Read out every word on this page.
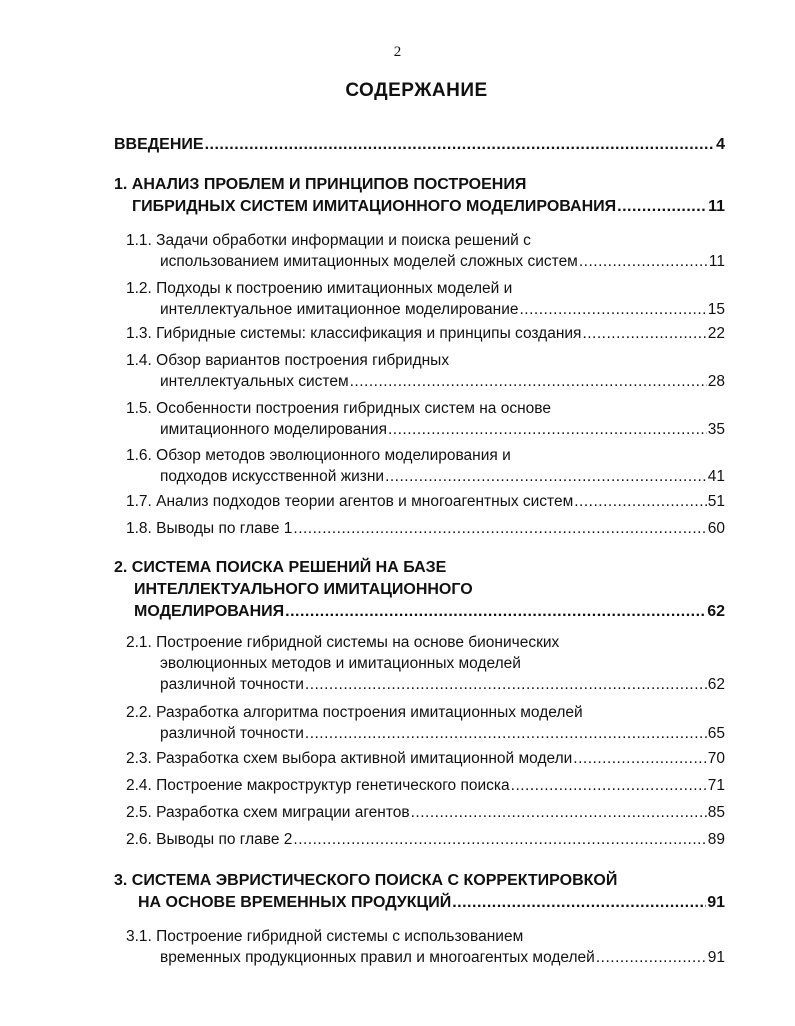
2
СОДЕРЖАНИЕ
ВВЕДЕНИЕ .....	4
1. АНАЛИЗ ПРОБЛЕМ И ПРИНЦИПОВ ПОСТРОЕНИЯ
ГИБРИДНЫХ СИСТЕМ ИМИТАЦИОННОГО МОДЕЛИРОВАНИЯ .....	11
1.1. Задачи обработки информации и поиска решений с
использованием имитационных моделей сложных систем .....	11
1.2. Подходы к построению имитационных моделей и
интеллектуальное имитационное моделирование .....	15
1.3. Гибридные системы: классификация и принципы создания .....	22
1.4. Обзор вариантов построения гибридных
интеллектуальных систем .....	28
1.5. Особенности построения гибридных систем на основе
имитационного моделирования .....	35
1.6. Обзор методов эволюционного моделирования и
подходов искусственной жизни .....	41
1.7. Анализ подходов теории агентов и многоагентных систем .....	51
1.8. Выводы по главе 1 .....	60
2. СИСТЕМА ПОИСКА РЕШЕНИЙ НА БАЗЕ
ИНТЕЛЛЕКТУАЛЬНОГО ИМИТАЦИОННОГО
МОДЕЛИРОВАНИЯ .....	62
2.1. Построение гибридной системы на основе бионических
эволюционных методов и имитационных моделей
различной точности .....	62
2.2. Разработка алгоритма построения имитационных моделей
различной точности .....	65
2.3. Разработка схем выбора активной имитационной модели .....	70
2.4. Построение макроструктур генетического поиска .....	71
2.5. Разработка схем миграции агентов .....	85
2.6. Выводы по главе 2 .....	89
3. СИСТЕМА ЭВРИСТИЧЕСКОГО ПОИСКА С КОРРЕКТИРОВКОЙ
НА ОСНОВЕ ВРЕМЕННЫХ ПРОДУКЦИЙ .....	91
3.1. Построение гибридной системы с использованием
временных продукционных правил и многоагентых моделей .....	91
